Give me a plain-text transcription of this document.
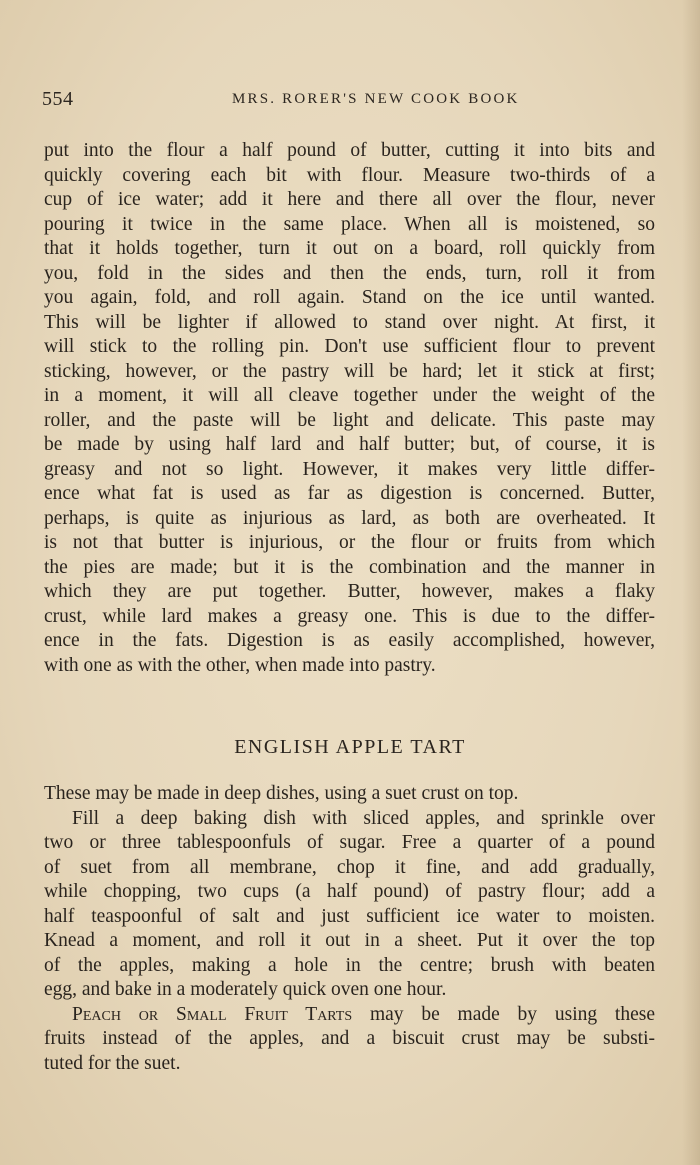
554	MRS. RORER'S NEW COOK BOOK
put into the flour a half pound of butter, cutting it into bits and
quickly covering each bit with flour. Measure two-thirds of a
cup of ice water; add it here and there all over the flour, never
pouring it twice in the same place. When all is moistened, so
that it holds together, turn it out on a board, roll quickly from
you, fold in the sides and then the ends, turn, roll it from
you again, fold, and roll again. Stand on the ice until wanted.
This will be lighter if allowed to stand over night. At first, it
will stick to the rolling pin. Don't use sufficient flour to prevent
sticking, however, or the pastry will be hard; let it stick at first;
in a moment, it will all cleave together under the weight of the
roller, and the paste will be light and delicate. This paste may
be made by using half lard and half butter; but, of course, it is
greasy and not so light. However, it makes very little differ-
ence what fat is used as far as digestion is concerned. Butter,
perhaps, is quite as injurious as lard, as both are overheated. It
is not that butter is injurious, or the flour or fruits from which
the pies are made; but it is the combination and the manner in
which they are put together. Butter, however, makes a flaky
crust, while lard makes a greasy one. This is due to the differ-
ence in the fats. Digestion is as easily accomplished, however,
with one as with the other, when made into pastry.
ENGLISH APPLE TART
These may be made in deep dishes, using a suet crust on top.
Fill a deep baking dish with sliced apples, and sprinkle over
two or three tablespoonfuls of sugar. Free a quarter of a pound
of suet from all membrane, chop it fine, and add gradually,
while chopping, two cups (a half pound) of pastry flour; add a
half teaspoonful of salt and just sufficient ice water to moisten.
Knead a moment, and roll it out in a sheet. Put it over the top
of the apples, making a hole in the centre; brush with beaten
egg, and bake in a moderately quick oven one hour.
Peach or Small Fruit Tarts may be made by using these
fruits instead of the apples, and a biscuit crust may be substi-
tuted for the suet.
